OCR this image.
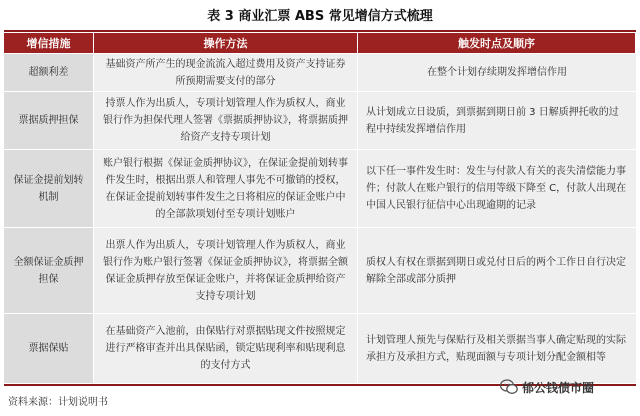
表 3 商业汇票 ABS 常见增信方式梳理
增信措施	操作方法	触发时点及顺序
超额利差
基础资产所产生的现金流流入超过费用及资产支持证券所预期需要支付的部分
在整个计划存续期发挥增信作用
票据质押担保
持票人作为出质人，专项计划管理人作为质权人，商业银行作为担保代理人签署《票据质押协议》，将票据质押给资产支持专项计划
从计划成立日设质，到票据到期日前 3 日解质押托收的过程中持续发挥增信作用
保证金提前划转机制
账户银行根据《保证金质押协议》，在保证金提前划转事件发生时，根据出票人和管理人事先不可撤销的授权，在保证金提前划转事件发生之日将相应的保证金账户中的全部款项划付至专项计划账户
以下任一事件发生时：发生与付款人有关的丧失清偿能力事件；付款人在账户银行的信用等级下降至 C，付款人出现在中国人民银行征信中心出现逾期的记录
全额保证金质押担保
出票人作为出质人，专项计划管理人作为质权人，商业银行作为账户银行签署《保证金质押协议》，将票据全额保证金质押存放至保证金账户，并将保证金质押给资产支持专项计划
质权人有权在票据到期日或兑付日后的两个工作日自行决定解除全部或部分质押
票据保贴
在基础资产入池前，由保贴行对票据贴现文件按照规定进行严格审查并出具保贴函，锁定贴现利率和贴现利息的支付方式
计划管理人预先与保贴行及相关票据当事人确定贴现的实际承担方及承担方式，贴现面额与专项计划分配金额相等
资料来源：计划说明书
郁公钱债市圈
